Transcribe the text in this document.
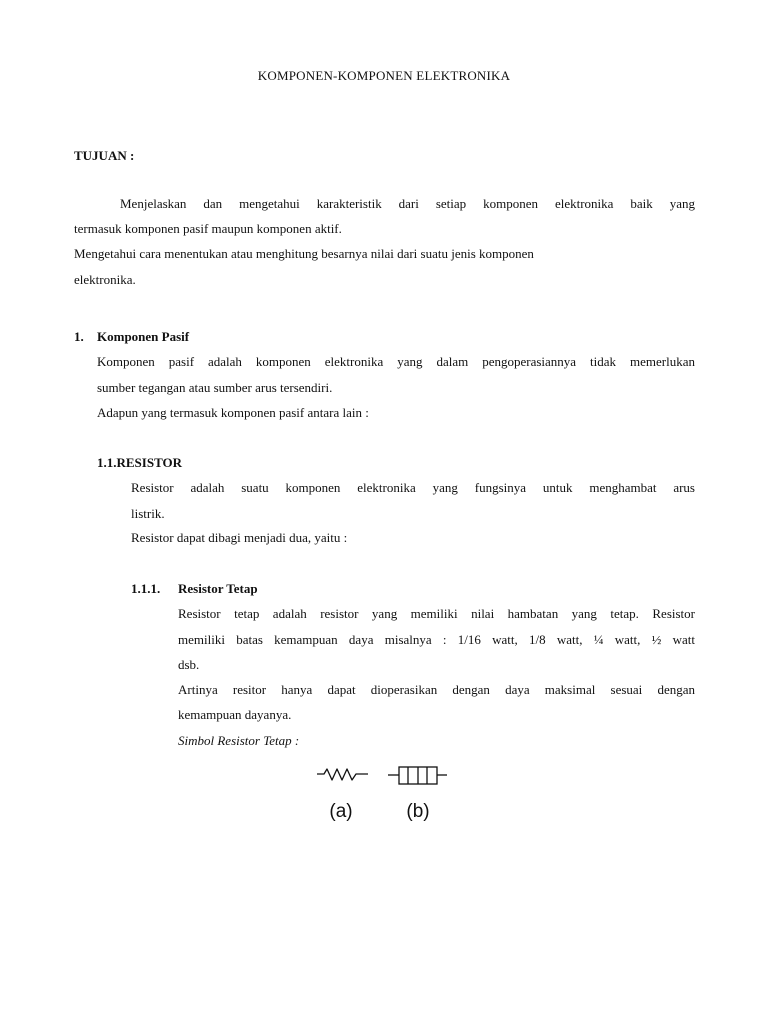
KOMPONEN-KOMPONEN ELEKTRONIKA
TUJUAN :
Menjelaskan dan mengetahui karakteristik dari setiap komponen elektronika baik yang
termasuk komponen pasif maupun komponen aktif.
Mengetahui cara menentukan atau menghitung besarnya nilai dari suatu jenis komponen
elektronika.
1. Komponen Pasif
Komponen pasif adalah komponen elektronika yang dalam pengoperasiannya tidak memerlukan
sumber tegangan atau sumber arus tersendiri.
Adapun yang termasuk komponen pasif antara lain :
1.1.RESISTOR
Resistor adalah suatu komponen elektronika yang fungsinya untuk menghambat arus
listrik.
Resistor dapat dibagi menjadi dua, yaitu :
1.1.1. Resistor Tetap
Resistor tetap adalah resistor yang memiliki nilai hambatan yang tetap. Resistor
memiliki batas kemampuan daya misalnya : 1/16 watt, 1/8 watt, ¼ watt, ½ watt
dsb.
Artinya resitor hanya dapat dioperasikan dengan daya maksimal sesuai dengan
kemampuan dayanya.
Simbol Resistor Tetap :
(a)	(b)
